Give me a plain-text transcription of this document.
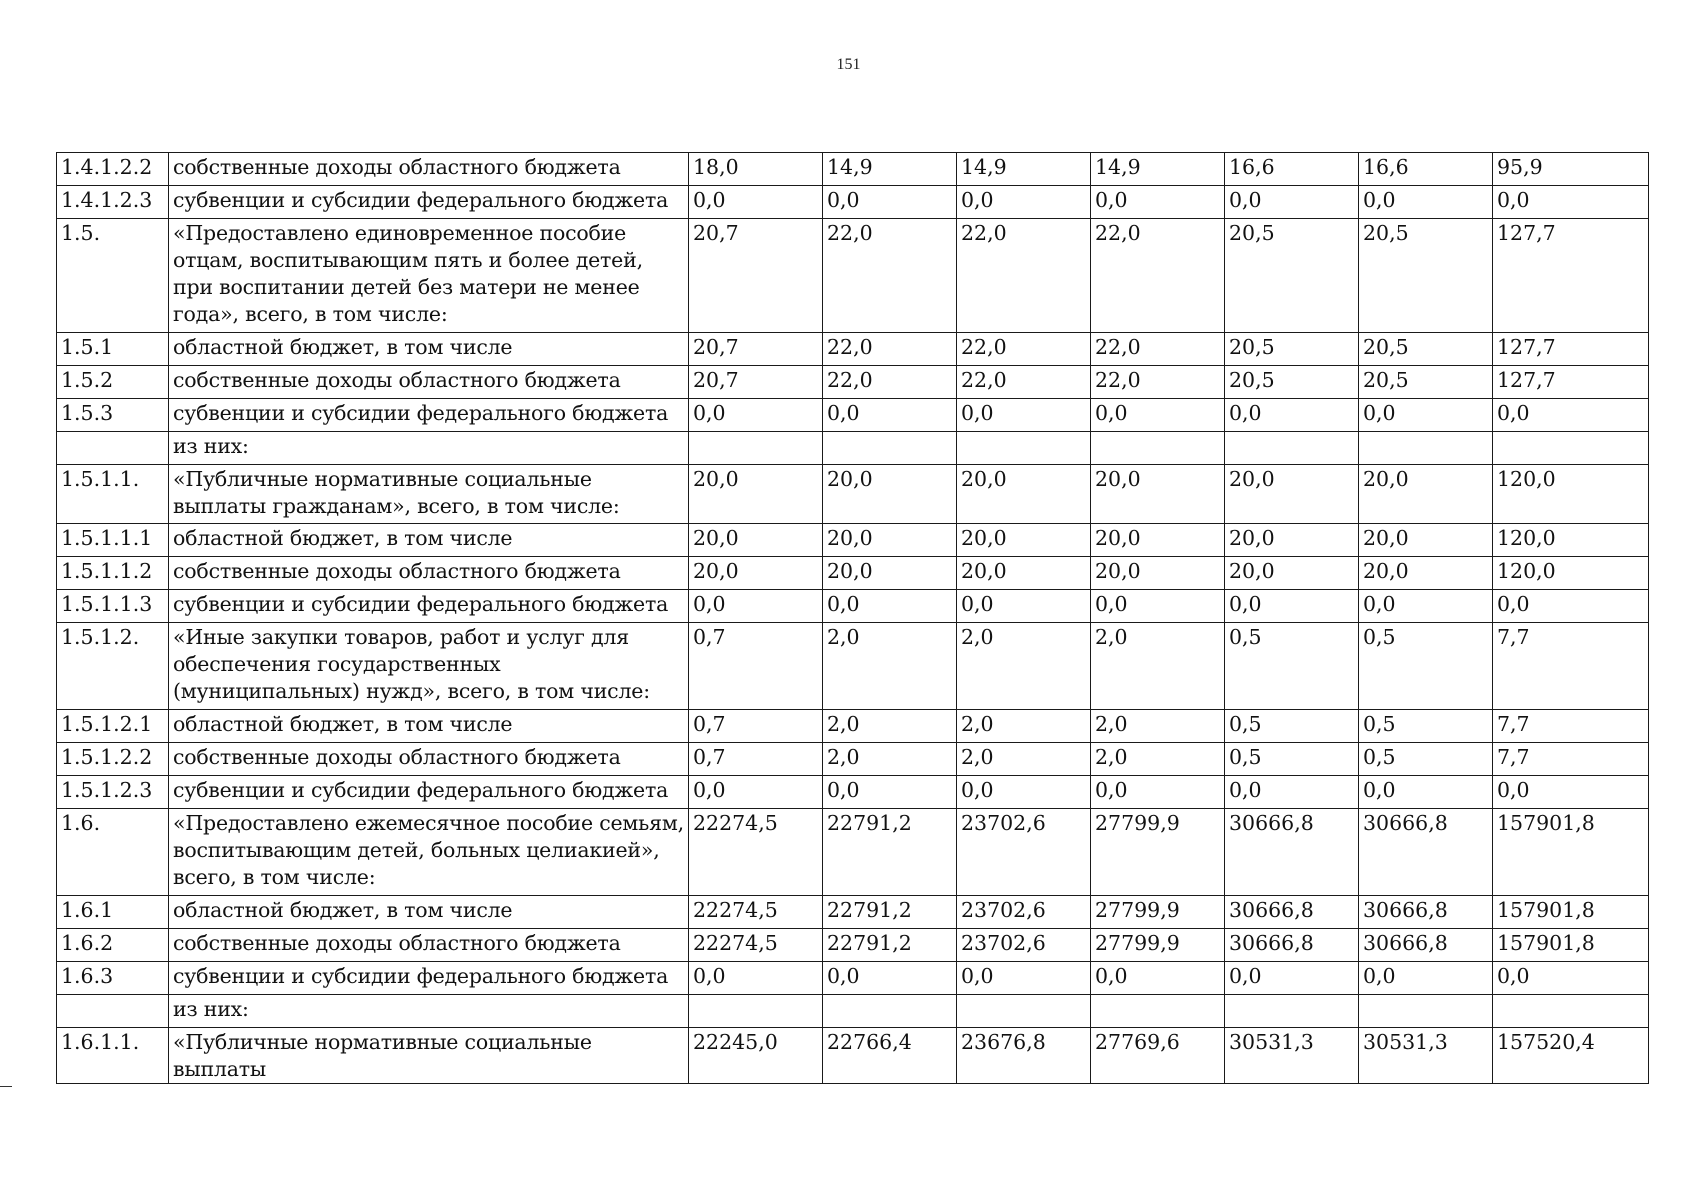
151
1.4.1.2.2	собственные доходы областного бюджета	18,0	14,9	14,9	14,9	16,6	16,6	95,9
1.4.1.2.3	субвенции и субсидии федерального бюджета	0,0	0,0	0,0	0,0	0,0	0,0	0,0
1.5.	«Предоставлено единовременное пособие отцам, воспитывающим пять и более детей, при воспитании детей без матери не менее года», всего, в том числе:	20,7	22,0	22,0	22,0	20,5	20,5	127,7
1.5.1	областной бюджет, в том числе	20,7	22,0	22,0	22,0	20,5	20,5	127,7
1.5.2	собственные доходы областного бюджета	20,7	22,0	22,0	22,0	20,5	20,5	127,7
1.5.3	субвенции и субсидии федерального бюджета	0,0	0,0	0,0	0,0	0,0	0,0	0,0
	из них:							
1.5.1.1.	«Публичные нормативные социальные выплаты гражданам», всего, в том числе:	20,0	20,0	20,0	20,0	20,0	20,0	120,0
1.5.1.1.1	областной бюджет, в том числе	20,0	20,0	20,0	20,0	20,0	20,0	120,0
1.5.1.1.2	собственные доходы областного бюджета	20,0	20,0	20,0	20,0	20,0	20,0	120,0
1.5.1.1.3	субвенции и субсидии федерального бюджета	0,0	0,0	0,0	0,0	0,0	0,0	0,0
1.5.1.2.	«Иные закупки товаров, работ и услуг для обеспечения государственных (муниципальных) нужд», всего, в том числе:	0,7	2,0	2,0	2,0	0,5	0,5	7,7
1.5.1.2.1	областной бюджет, в том числе	0,7	2,0	2,0	2,0	0,5	0,5	7,7
1.5.1.2.2	собственные доходы областного бюджета	0,7	2,0	2,0	2,0	0,5	0,5	7,7
1.5.1.2.3	субвенции и субсидии федерального бюджета	0,0	0,0	0,0	0,0	0,0	0,0	0,0
1.6.	«Предоставлено ежемесячное пособие семьям, воспитывающим детей, больных целиакией», всего, в том числе:	22274,5	22791,2	23702,6	27799,9	30666,8	30666,8	157901,8
1.6.1	областной бюджет, в том числе	22274,5	22791,2	23702,6	27799,9	30666,8	30666,8	157901,8
1.6.2	собственные доходы областного бюджета	22274,5	22791,2	23702,6	27799,9	30666,8	30666,8	157901,8
1.6.3	субвенции и субсидии федерального бюджета	0,0	0,0	0,0	0,0	0,0	0,0	0,0
	из них:							
1.6.1.1.	«Публичные нормативные социальные выплаты	22245,0	22766,4	23676,8	27769,6	30531,3	30531,3	157520,4
